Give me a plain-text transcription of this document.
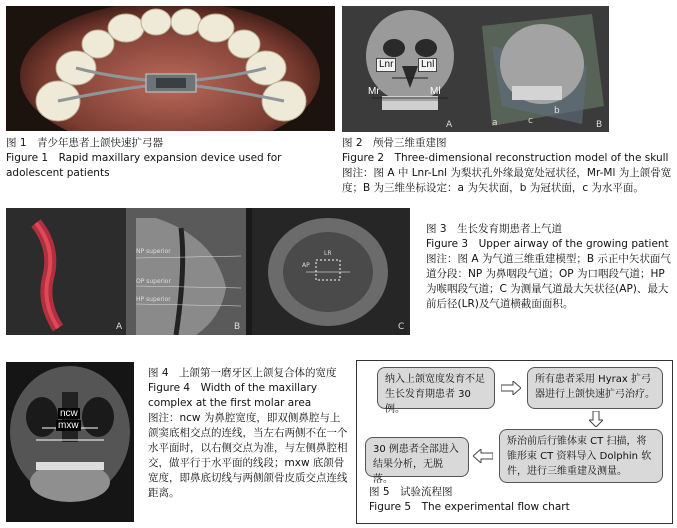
图 1　青少年患者上颌快速扩弓器
Figure 1　Rapid maxillary expansion device used for adolescent patients
Lnr	Lnl
Mr	Ml
A	a
b
c	B
图 2　颅骨三维重建图
Figure 2　Three-dimensional reconstruction model of the skull
图注：图 A 中 Lnr-Lnl 为梨状孔外缘最宽处冠状径，Mr-Ml 为上颌骨宽度；B 为三维坐标设定：a 为矢状面，b 为冠状面，c 为水平面。
NP superior
OP superior
HP superior
AP
LR
A	B	C
图 3　生长发育期患者上气道
Figure 3　Upper airway of the growing patient
图注：图 A 为气道三维重建模型；B 示正中矢状面气道分段：NP 为鼻咽段气道；OP 为口咽段气道；HP 为喉咽段气道；C 为测量气道最大矢状径(AP)、最大前后径(LR)及气道横截面面积。
ncw
mxw
图 4　上颌第一磨牙区上颌复合体的宽度
Figure 4　Width of the maxillary complex at the first molar area
图注：ncw 为鼻腔宽度，即双侧鼻腔与上颌窦底相交点的连线，当左右两侧不在一个水平面时，以右侧交点为准，与左侧鼻腔相交，做平行于水平面的线段；mxw 底颌骨宽度，即鼻底切线与两侧颌骨皮质交点连线距离。
纳入上颌宽度发育不足生长发育期患者 30 例。
所有患者采用 Hyrax 扩弓器进行上颌快速扩弓治疗。
矫治前后行锥体束 CT 扫描，将锥形束 CT 资料导入 Dolphin 软件，进行三维重建及测量。
30 例患者全部进入结果分析，无脱落。
图 5　试验流程图
Figure 5　The experimental flow chart
